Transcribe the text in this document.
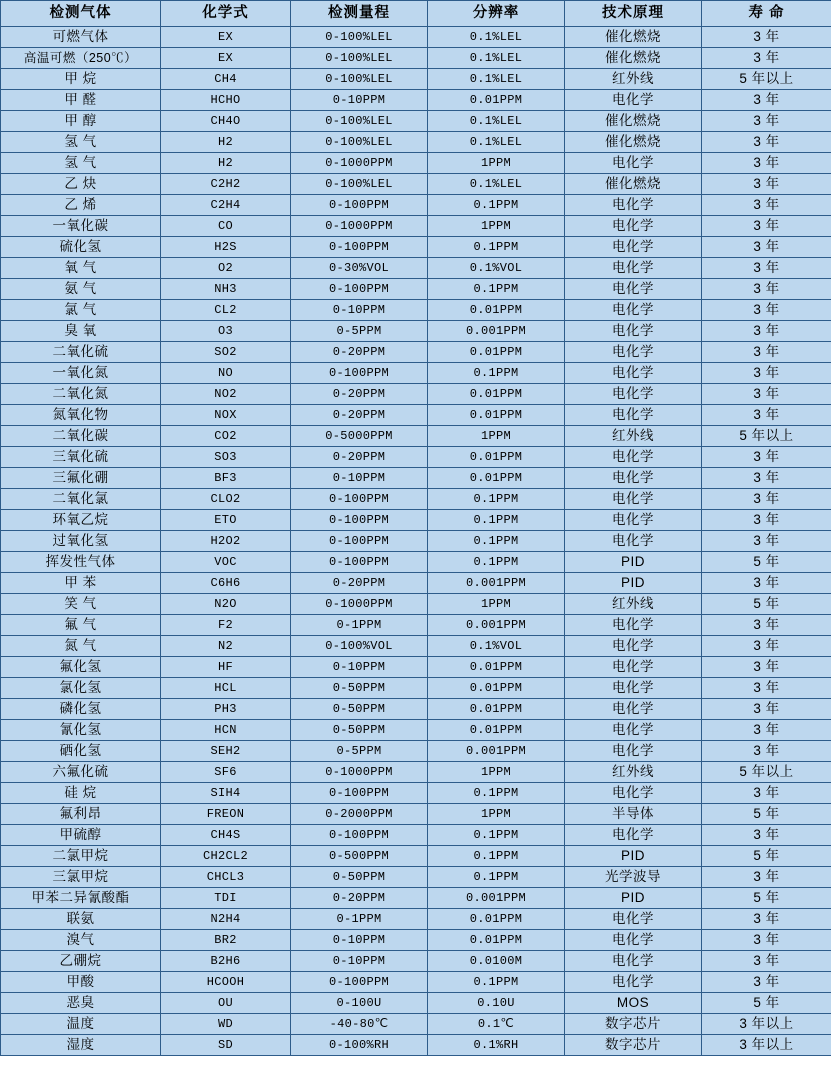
检测气体	化学式	检测量程	分辨率	技术原理	寿 命
可燃气体	EX	0-100%LEL	0.1%LEL	催化燃烧	3 年
高温可燃（250℃）	EX	0-100%LEL	0.1%LEL	催化燃烧	3 年
甲 烷	CH4	0-100%LEL	0.1%LEL	红外线	5 年以上
甲 醛	HCHO	0-10PPM	0.01PPM	电化学	3 年
甲 醇	CH4O	0-100%LEL	0.1%LEL	催化燃烧	3 年
氢 气	H2	0-100%LEL	0.1%LEL	催化燃烧	3 年
氢 气	H2	0-1000PPM	1PPM	电化学	3 年
乙 炔	C2H2	0-100%LEL	0.1%LEL	催化燃烧	3 年
乙 烯	C2H4	0-100PPM	0.1PPM	电化学	3 年
一氧化碳	CO	0-1000PPM	1PPM	电化学	3 年
硫化氢	H2S	0-100PPM	0.1PPM	电化学	3 年
氧 气	O2	0-30%VOL	0.1%VOL	电化学	3 年
氨 气	NH3	0-100PPM	0.1PPM	电化学	3 年
氯 气	CL2	0-10PPM	0.01PPM	电化学	3 年
臭 氧	O3	0-5PPM	0.001PPM	电化学	3 年
二氧化硫	SO2	0-20PPM	0.01PPM	电化学	3 年
一氧化氮	NO	0-100PPM	0.1PPM	电化学	3 年
二氧化氮	NO2	0-20PPM	0.01PPM	电化学	3 年
氮氧化物	NOX	0-20PPM	0.01PPM	电化学	3 年
二氧化碳	CO2	0-5000PPM	1PPM	红外线	5 年以上
三氧化硫	SO3	0-20PPM	0.01PPM	电化学	3 年
三氟化硼	BF3	0-10PPM	0.01PPM	电化学	3 年
二氧化氯	CLO2	0-100PPM	0.1PPM	电化学	3 年
环氧乙烷	ETO	0-100PPM	0.1PPM	电化学	3 年
过氧化氢	H2O2	0-100PPM	0.1PPM	电化学	3 年
挥发性气体	VOC	0-100PPM	0.1PPM	PID	5 年
甲 苯	C6H6	0-20PPM	0.001PPM	PID	3 年
笑 气	N2O	0-1000PPM	1PPM	红外线	5 年
氟 气	F2	0-1PPM	0.001PPM	电化学	3 年
氮 气	N2	0-100%VOL	0.1%VOL	电化学	3 年
氟化氢	HF	0-10PPM	0.01PPM	电化学	3 年
氯化氢	HCL	0-50PPM	0.01PPM	电化学	3 年
磷化氢	PH3	0-50PPM	0.01PPM	电化学	3 年
氰化氢	HCN	0-50PPM	0.01PPM	电化学	3 年
硒化氢	SEH2	0-5PPM	0.001PPM	电化学	3 年
六氟化硫	SF6	0-1000PPM	1PPM	红外线	5 年以上
硅 烷	SIH4	0-100PPM	0.1PPM	电化学	3 年
氟利昂	FREON	0-2000PPM	1PPM	半导体	5 年
甲硫醇	CH4S	0-100PPM	0.1PPM	电化学	3 年
二氯甲烷	CH2CL2	0-500PPM	0.1PPM	PID	5 年
三氯甲烷	CHCL3	0-50PPM	0.1PPM	光学波导	3 年
甲苯二异氰酸酯	TDI	0-20PPM	0.001PPM	PID	5 年
联氨	N2H4	0-1PPM	0.01PPM	电化学	3 年
溴气	BR2	0-10PPM	0.01PPM	电化学	3 年
乙硼烷	B2H6	0-10PPM	0.0100M	电化学	3 年
甲酸	HCOOH	0-100PPM	0.1PPM	电化学	3 年
恶臭	OU	0-100U	0.10U	MOS	5 年
温度	WD	-40-80℃	0.1℃	数字芯片	3 年以上
湿度	SD	0-100%RH	0.1%RH	数字芯片	3 年以上
